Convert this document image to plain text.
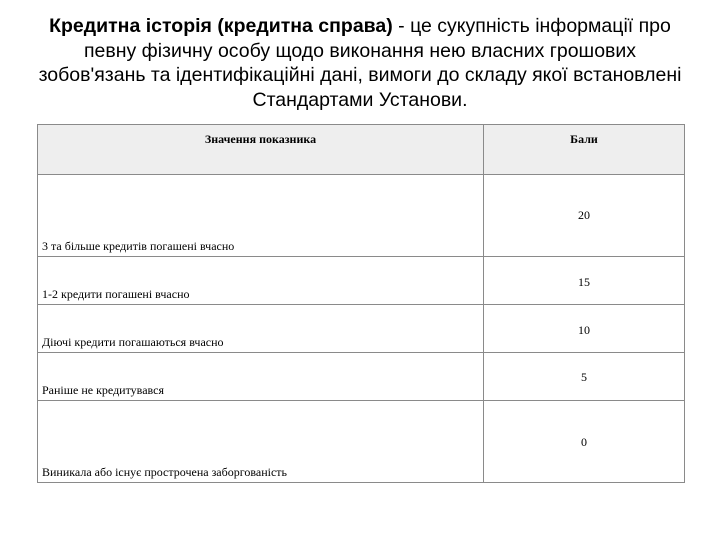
Кредитна історія (кредитна справа) - це сукупність інформації про певну фізичну особу щодо виконання нею власних грошових зобов'язань та ідентифікаційні дані, вимоги до складу якої встановлені Стандартами Установи.
Значення показника	Бали

3 та більше кредитів погашені вчасно	20

1-2 кредити погашені вчасно	15

Діючі кредити погашаються вчасно	10

Раніше не кредитувався	5

Виникала або існує прострочена заборгованість	0
